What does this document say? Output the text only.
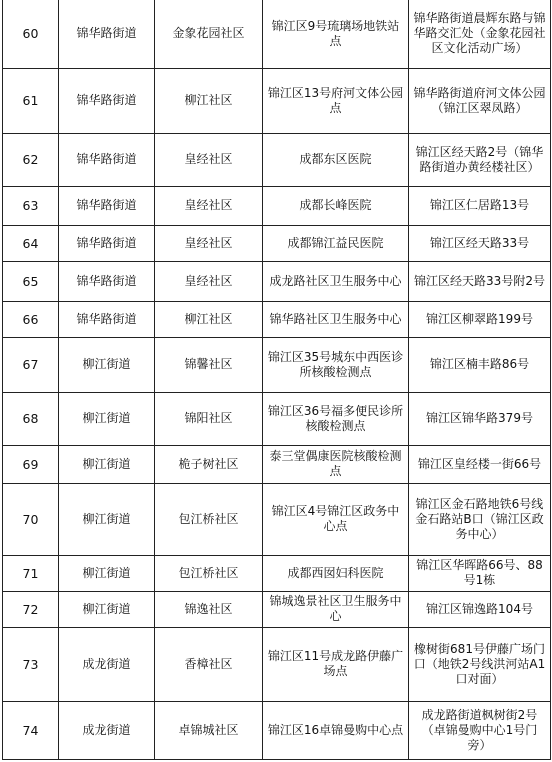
60	锦华路街道	金象花园社区	锦江区9号琉璃场地铁站点	锦华路街道晨辉东路与锦华路交汇处（金象花园社区文化活动广场）
61	锦华路街道	柳江社区	锦江区13号府河文体公园点	锦华路街道府河文体公园（锦江区翠凤路）
62	锦华路街道	皇经社区	成都东区医院	锦江区经天路2号（锦华路街道办黄经楼社区）
63	锦华路街道	皇经社区	成都长峰医院	锦江区仁居路13号
64	锦华路街道	皇经社区	成都锦江益民医院	锦江区经天路33号
65	锦华路街道	皇经社区	成龙路社区卫生服务中心	锦江区经天路33号附2号
66	锦华路街道	柳江社区	锦华路社区卫生服务中心	锦江区柳翠路199号
67	柳江街道	锦馨社区	锦江区35号城东中西医诊所核酸检测点	锦江区楠丰路86号
68	柳江街道	锦阳社区	锦江区36号福多便民诊所核酸检测点	锦江区锦华路379号
69	柳江街道	桅子树社区	泰三堂偶康医院核酸检测点	锦江区皇经楼一街66号
70	柳江街道	包江桥社区	锦江区4号锦江区政务中心点	锦江区金石路地铁6号线金石路站B口（锦江区政务中心）
71	柳江街道	包江桥社区	成都西囡妇科医院	锦江区华晖路66号、88号1栋
72	柳江街道	锦逸社区	锦城逸景社区卫生服务中心	锦江区锦逸路104号
73	成龙街道	香樟社区	锦江区11号成龙路伊藤广场点	橡树街681号伊藤广场门口（地铁2号线洪河站A1口对面）
74	成龙街道	卓锦城社区	锦江区16卓锦曼购中心点	成龙路街道枫树街2号（卓锦曼购中心1号门旁）
